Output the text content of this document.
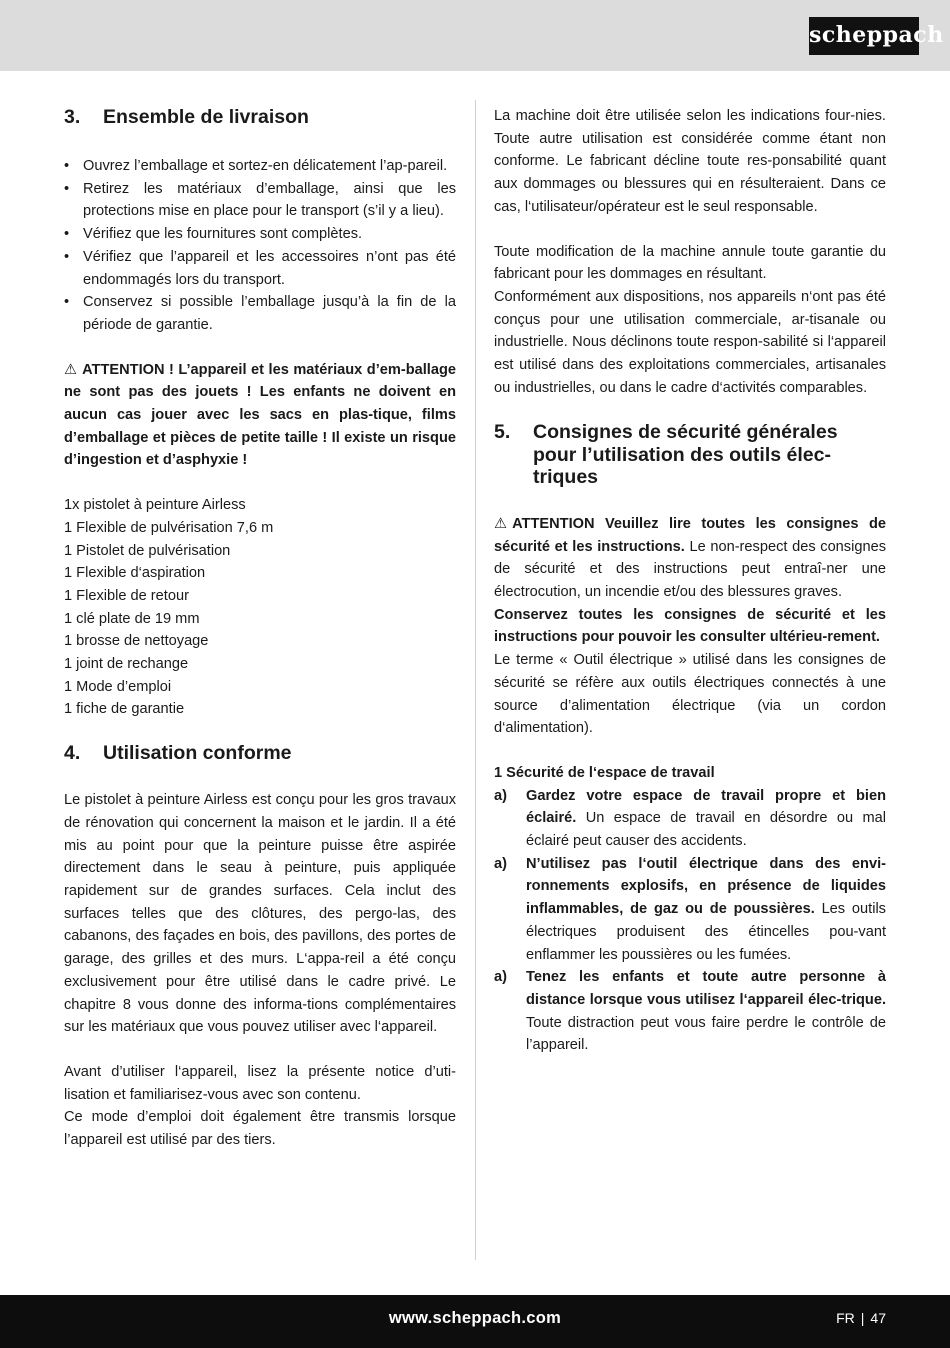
scheppach
3.	Ensemble de livraison
• Ouvrez l’emballage et sortez-en délicatement l’ap-pareil.
• Retirez les matériaux d’emballage, ainsi que les protections mise en place pour le transport (s’il y a lieu).
• Vérifiez que les fournitures sont complètes.
• Vérifiez que l’appareil et les accessoires n’ont pas été endommagés lors du transport.
• Conservez si possible l’emballage jusqu’à la fin de la période de garantie.

⚠ ATTENTION ! L’appareil et les matériaux d’em-ballage ne sont pas des jouets ! Les enfants ne doivent en aucun cas jouer avec les sacs en plas-tique, films d’emballage et pièces de petite taille ! Il existe un risque d’ingestion et d’asphyxie !

1x pistolet à peinture Airless
1 Flexible de pulvérisation 7,6 m
1 Pistolet de pulvérisation
1 Flexible d‘aspiration
1 Flexible de retour
1 clé plate de 19 mm
1 brosse de nettoyage
1 joint de rechange
1 Mode d’emploi
1 fiche de garantie
4.	Utilisation conforme

Le pistolet à peinture Airless est conçu pour les gros travaux de rénovation qui concernent la maison et le jardin. Il a été mis au point pour que la peinture puisse être aspirée directement dans le seau à peinture, puis appliquée rapidement sur de grandes surfaces. Cela inclut des surfaces telles que des clôtures, des pergo-las, des cabanons, des façades en bois, des pavillons, des portes de garage, des grilles et des murs. L‘appa-reil a été conçu exclusivement pour être utilisé dans le cadre privé. Le chapitre 8 vous donne des informa-tions complémentaires sur les matériaux que vous pouvez utiliser avec l‘appareil.

Avant d’utiliser l‘appareil, lisez la présente notice d’uti-lisation et familiarisez-vous avec son contenu.

Ce mode d’emploi doit également être transmis lorsque l’appareil est utilisé par des tiers.

La machine doit être utilisée selon les indications four-nies. Toute autre utilisation est considérée comme étant non conforme. Le fabricant décline toute res-ponsabilité quant aux dommages ou blessures qui en résulteraient. Dans ce cas, l‘utilisateur/opérateur est le seul responsable.

Toute modification de la machine annule toute garantie du fabricant pour les dommages en résultant.

Conformément aux dispositions, nos appareils n‘ont pas été conçus pour une utilisation commerciale, ar-tisanale ou industrielle. Nous déclinons toute respon-sabilité si l‘appareil est utilisé dans des exploitations commerciales, artisanales ou industrielles, ou dans le cadre d‘activités comparables.

5.	Consignes de sécurité générales pour l’utilisation des outils élec-triques

⚠ ATTENTION Veuillez lire toutes les consignes de sécurité et les instructions. Le non-respect des consignes de sécurité et des instructions peut entraî-ner une électrocution, un incendie et/ou des blessures graves.

Conservez toutes les consignes de sécurité et les instructions pour pouvoir les consulter ultérieu-rement.

Le terme « Outil électrique » utilisé dans les consignes de sécurité se réfère aux outils électriques connectés à une source d’alimentation électrique (via un cordon d‘alimentation).

1 Sécurité de l‘espace de travail

a)	Gardez votre espace de travail propre et bien éclairé. Un espace de travail en désordre ou mal éclairé peut causer des accidents.
a)	N’utilisez pas l‘outil électrique dans des envi-ronnements explosifs, en présence de liquides inflammables, de gaz ou de poussières. Les outils électriques produisent des étincelles pou-vant enflammer les poussières ou les fumées.
a)	Tenez les enfants et toute autre personne à distance lorsque vous utilisez l‘appareil élec-trique. Toute distraction peut vous faire perdre le contrôle de l’appareil.
www.scheppach.com	FR | 47
